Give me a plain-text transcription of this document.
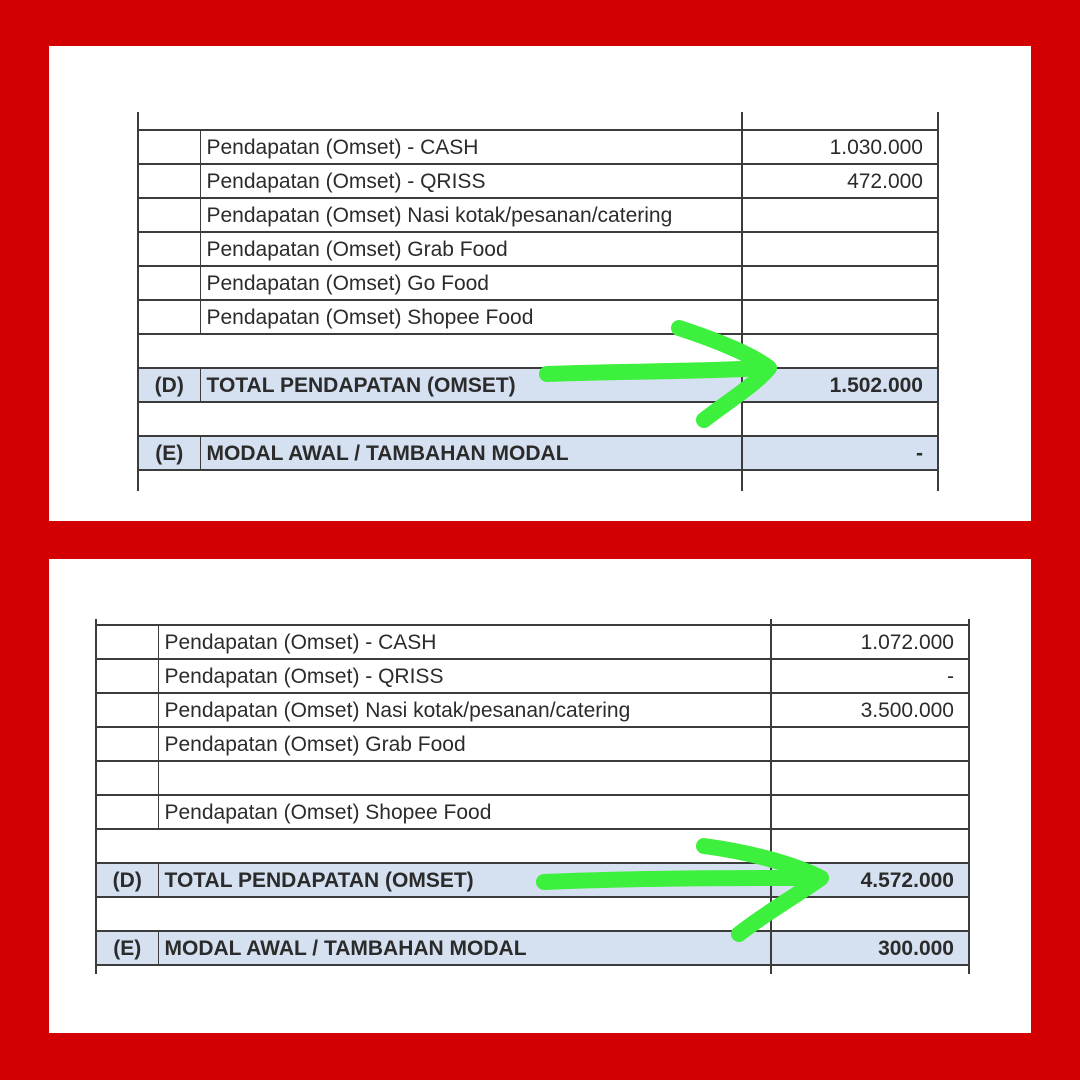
	Pendapatan (Omset) - CASH	1.030.000
	Pendapatan (Omset) - QRISS	472.000
	Pendapatan (Omset) Nasi kotak/pesanan/catering	
	Pendapatan (Omset) Grab Food	
	Pendapatan (Omset) Go Food	
	Pendapatan (Omset) Shopee Food	

(D)	TOTAL PENDAPATAN (OMSET)	1.502.000

(E)	MODAL AWAL / TAMBAHAN MODAL	-

	Pendapatan (Omset) - CASH	1.072.000
	Pendapatan (Omset) - QRISS	-
	Pendapatan (Omset) Nasi kotak/pesanan/catering	3.500.000
	Pendapatan (Omset) Grab Food	

	Pendapatan (Omset) Shopee Food	

(D)	TOTAL PENDAPATAN (OMSET)	4.572.000

(E)	MODAL AWAL / TAMBAHAN MODAL	300.000
